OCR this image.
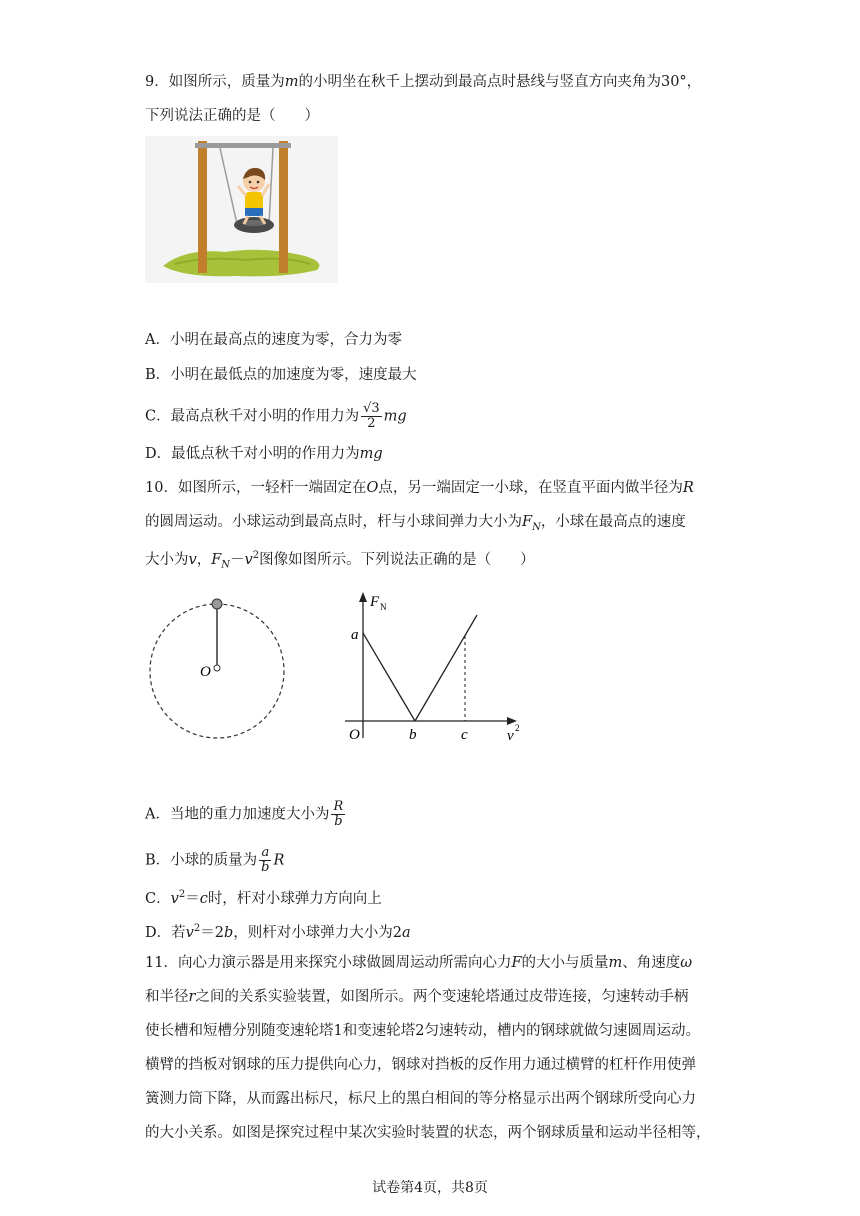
9．如图所示，质量为m的小明坐在秋千上摆动到最高点时悬线与竖直方向夹角为30°，
下列说法正确的是（　　）
A．小明在最高点的速度为零，合力为零
B．小明在最低点的加速度为零，速度最大
C．最高点秋千对小明的作用力为 $\frac{√3}{2}$ mg
D．最低点秋千对小明的作用力为mg
10．如图所示，一轻杆一端固定在O点，另一端固定一小球，在竖直平面内做半径为R
的圆周运动。小球运动到最高点时，杆与小球间弹力大小为$F_N$，小球在最高点的速度
大小为v，$F_N-v^2$图像如图所示。下列说法正确的是（　　）
O
F N
v 2
O
a
b	c
A．当地的重力加速度大小为 $\frac{R}{b}$
B．小球的质量为 $\frac{a}{b}$ R
C．$v^2=c$时，杆对小球弹力方向向上
D．若$v^2=2b$，则杆对小球弹力大小为2a
11．向心力演示器是用来探究小球做圆周运动所需向心力F的大小与质量m、角速度ω
和半径r之间的关系实验装置，如图所示。两个变速轮塔通过皮带连接，匀速转动手柄
使长槽和短槽分别随变速轮塔1和变速轮塔2匀速转动，槽内的钢球就做匀速圆周运动。
横臂的挡板对钢球的压力提供向心力，钢球对挡板的反作用力通过横臂的杠杆作用使弹
簧测力筒下降，从而露出标尺，标尺上的黑白相间的等分格显示出两个钢球所受向心力
的大小关系。如图是探究过程中某次实验时装置的状态，两个钢球质量和运动半径相等，
试卷第4页，共8页
